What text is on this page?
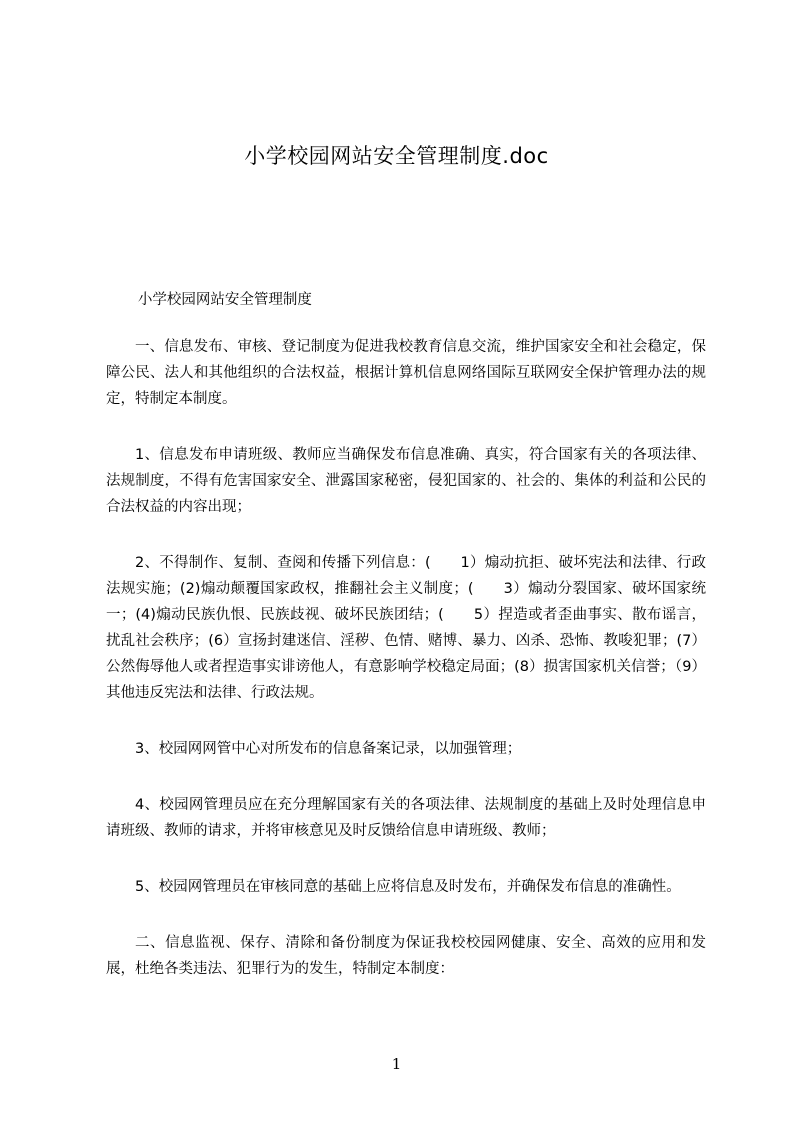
小学校园网站安全管理制度.doc

小学校园网站安全管理制度

一、信息发布、审核、登记制度为促进我校教育信息交流，维护国家安全和社会稳定，保障公民、法人和其他组织的合法权益，根据计算机信息网络国际互联网安全保护管理办法的规定，特制定本制度。

1、信息发布申请班级、教师应当确保发布信息准确、真实，符合国家有关的各项法律、法规制度，不得有危害国家安全、泄露国家秘密，侵犯国家的、社会的、集体的利益和公民的合法权益的内容出现；

2、不得制作、复制、查阅和传播下列信息：(　　1）煽动抗拒、破坏宪法和法律、行政法规实施；(2)煽动颠覆国家政权，推翻社会主义制度；(　　3）煽动分裂国家、破坏国家统一；(4)煽动民族仇恨、民族歧视、破坏民族团结；(　　5）捏造或者歪曲事实、散布谣言，扰乱社会秩序；(6）宣扬封建迷信、淫秽、色情、赌博、暴力、凶杀、恐怖、教唆犯罪；(7）公然侮辱他人或者捏造事实诽谤他人，有意影响学校稳定局面；(8）损害国家机关信誉；（9）其他违反宪法和法律、行政法规。

3、校园网网管中心对所发布的信息备案记录，以加强管理；

4、校园网管理员应在充分理解国家有关的各项法律、法规制度的基础上及时处理信息申请班级、教师的请求，并将审核意见及时反馈给信息申请班级、教师；

5、校园网管理员在审核同意的基础上应将信息及时发布，并确保发布信息的准确性。

二、信息监视、保存、清除和备份制度为保证我校校园网健康、安全、高效的应用和发展，杜绝各类违法、犯罪行为的发生，特制定本制度：

1
